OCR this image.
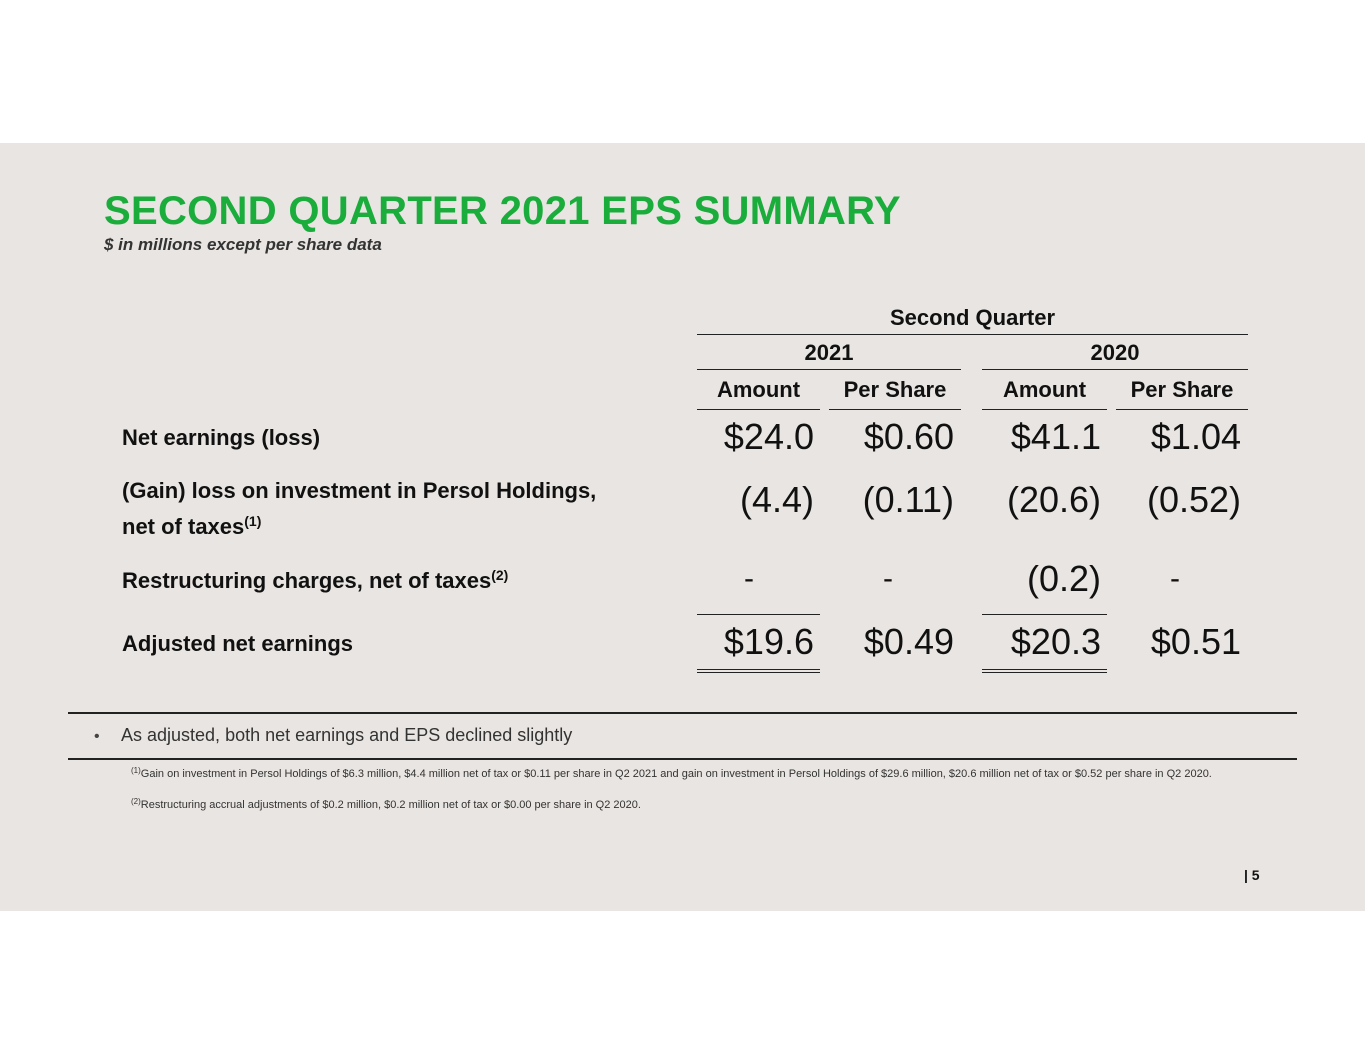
SECOND QUARTER 2021 EPS SUMMARY
$ in millions except per share data
Second Quarter
2021	2020
Amount	Per Share	Amount	Per Share
Net earnings (loss)	$24.0	$0.60	$41.1	$1.04
(Gain) loss on investment in Persol Holdings,
net of taxes$^{(1)}$
(4.4)	(0.11)	(20.6)	(0.52)
Restructuring charges, net of taxes$^{(2)}$	-	-	(0.2)	-
Adjusted net earnings	$19.6	$0.49	$20.3	$0.51
• As adjusted, both net earnings and EPS declined slightly
$^{(1)}$Gain on investment in Persol Holdings of $6.3 million, $4.4 million net of tax or $0.11 per share in Q2 2021 and gain on investment in Persol Holdings of $29.6 million, $20.6 million net of tax or $0.52 per share in Q2 2020.
$^{(2)}$Restructuring accrual adjustments of $0.2 million, $0.2 million net of tax or $0.00 per share in Q2 2020.
| 5
